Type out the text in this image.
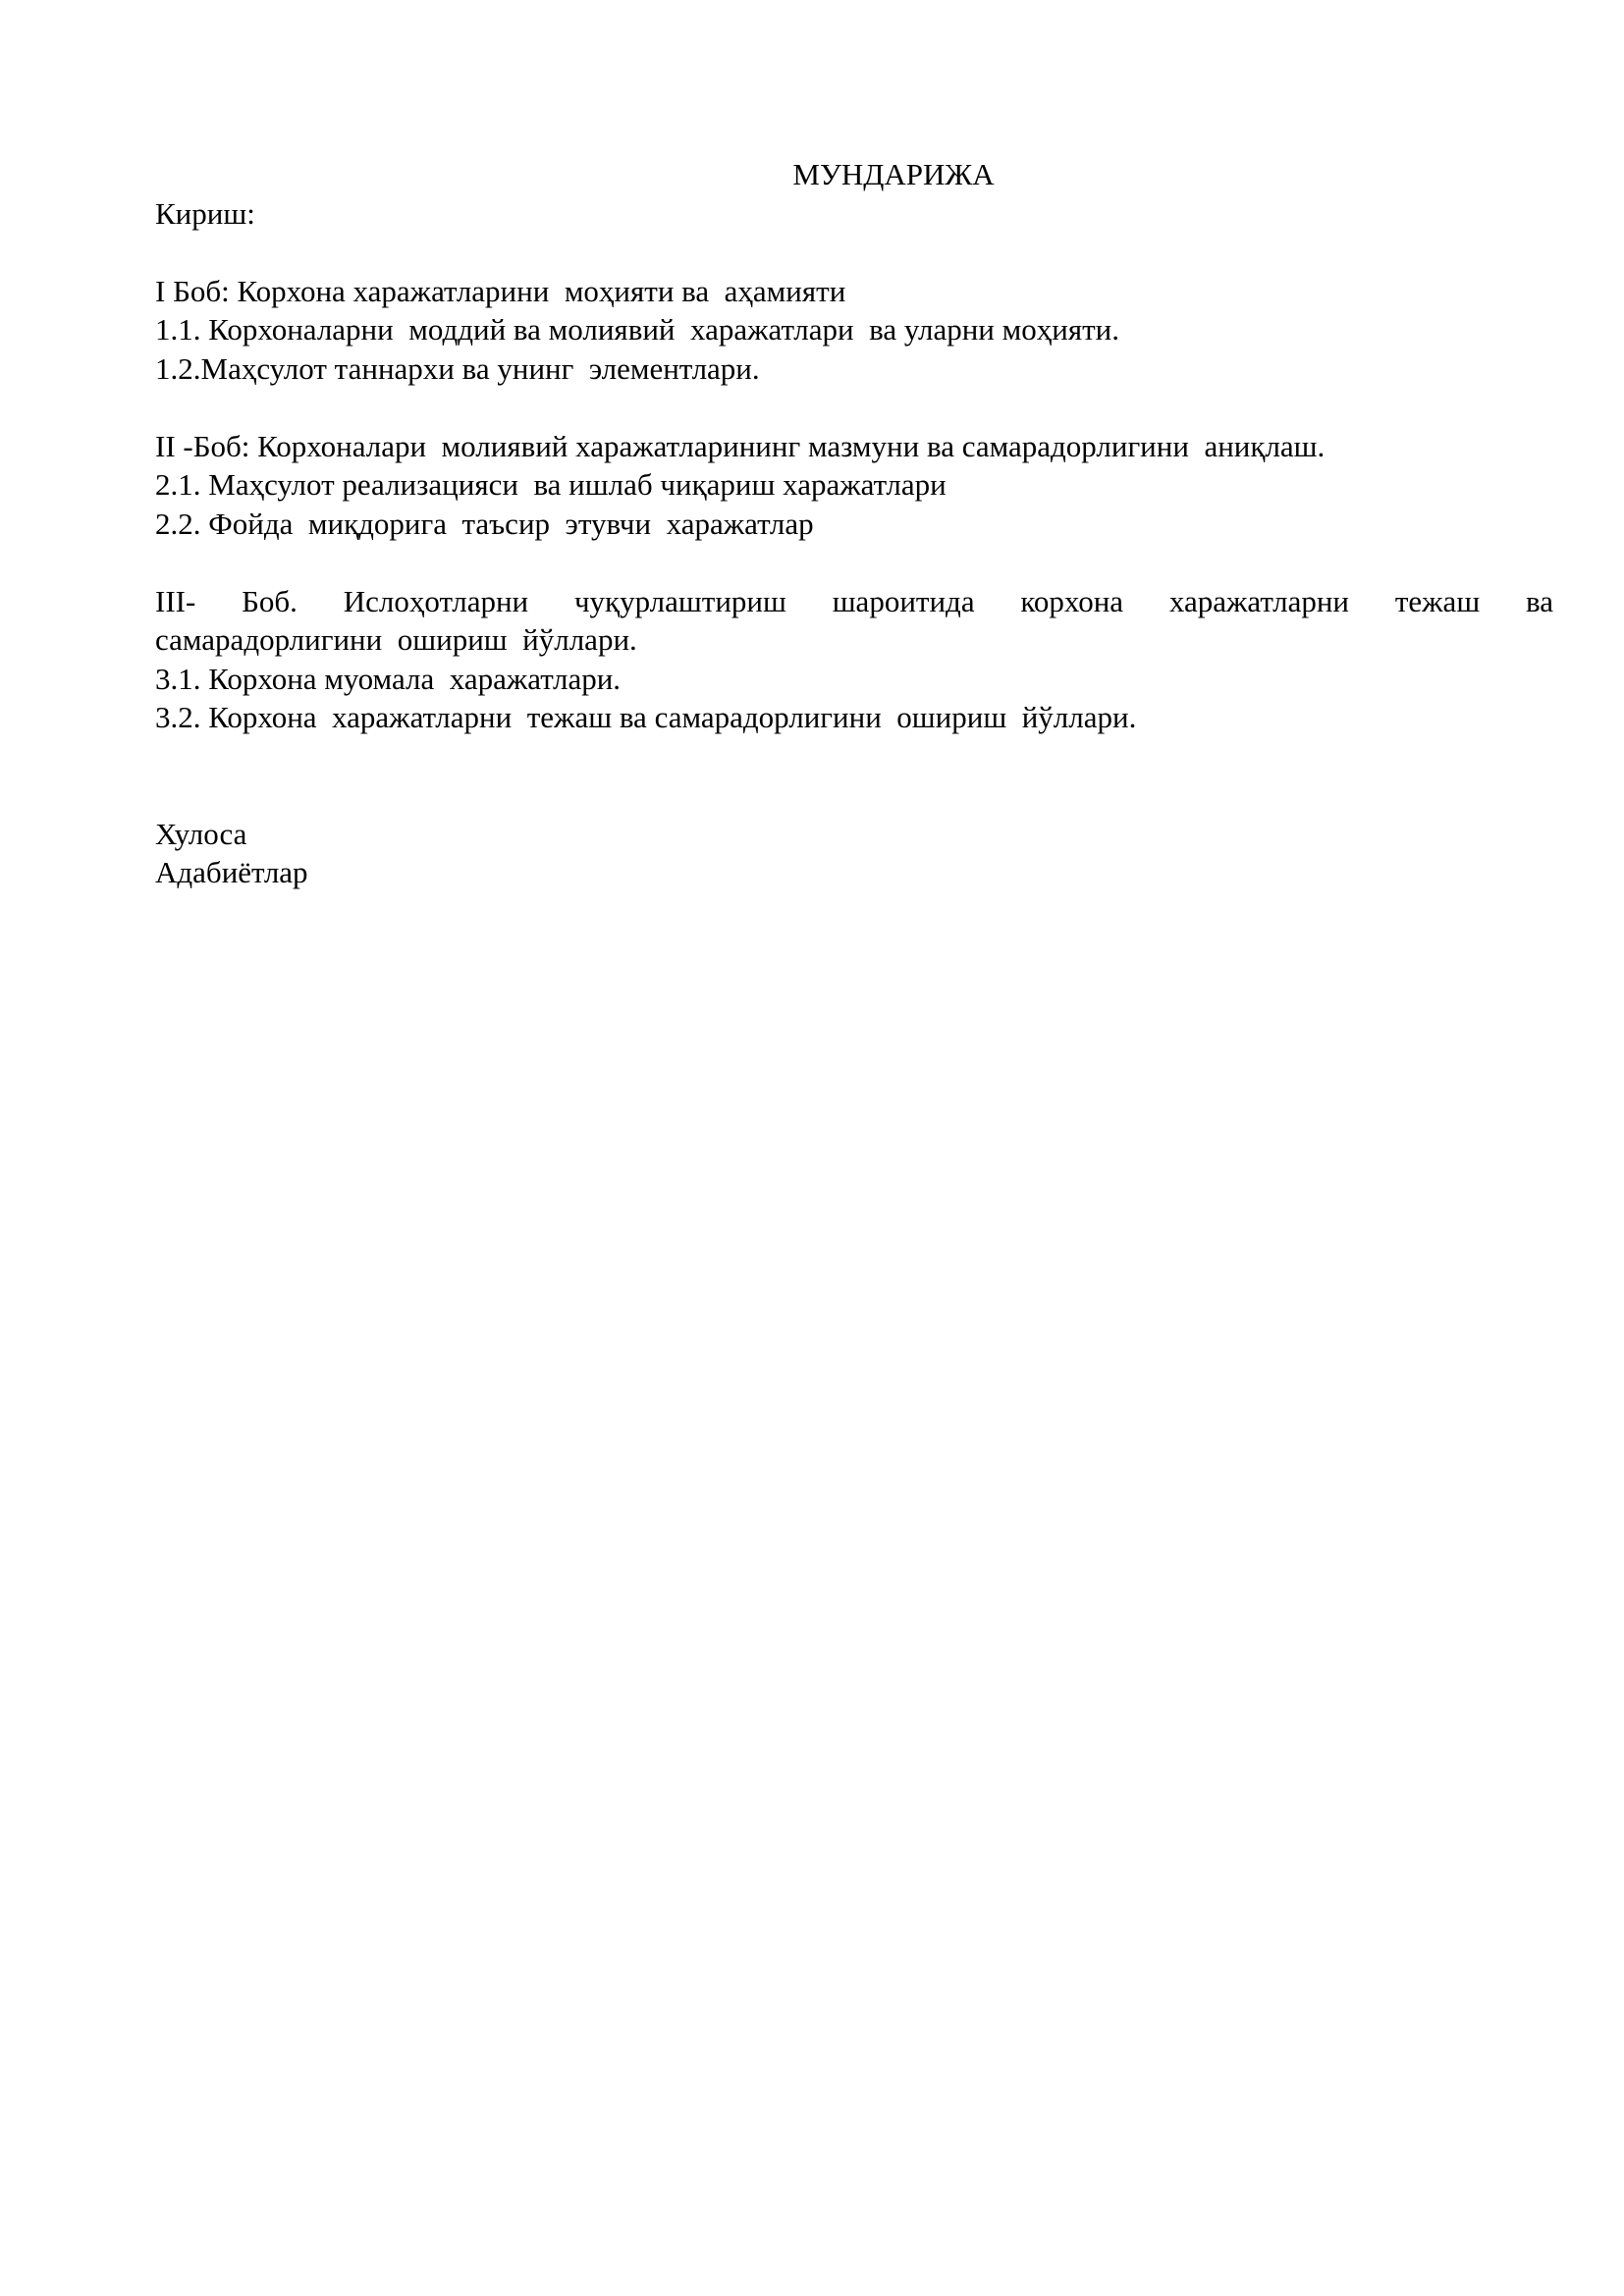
МУНДАРИЖА

Кириш:

I Боб: Корхона харажатларини  моҳияти ва  аҳамияти

1.1. Корхоналарни  моддий ва молиявий  харажатлари  ва уларни моҳияти.

1.2.Маҳсулот таннархи ва унинг  элементлари.

II -Боб: Корхоналари  молиявий харажатларининг мазмуни ва самарадорлигини  аниқлаш.

2.1. Маҳсулот реализацияси  ва ишлаб чиқариш харажатлари

2.2. Фойда  миқдорига  таъсир  этувчи  харажатлар

III- Боб. Ислоҳотларни чуқурлаштириш шароитида корхона харажатларни тежаш ва

самарадорлигини  ошириш  йўллари.

3.1. Корхона муомала  харажатлари.

3.2. Корхона  харажатларни  тежаш ва самарадорлигини  ошириш  йўллари.

Хулоса

Адабиётлар
